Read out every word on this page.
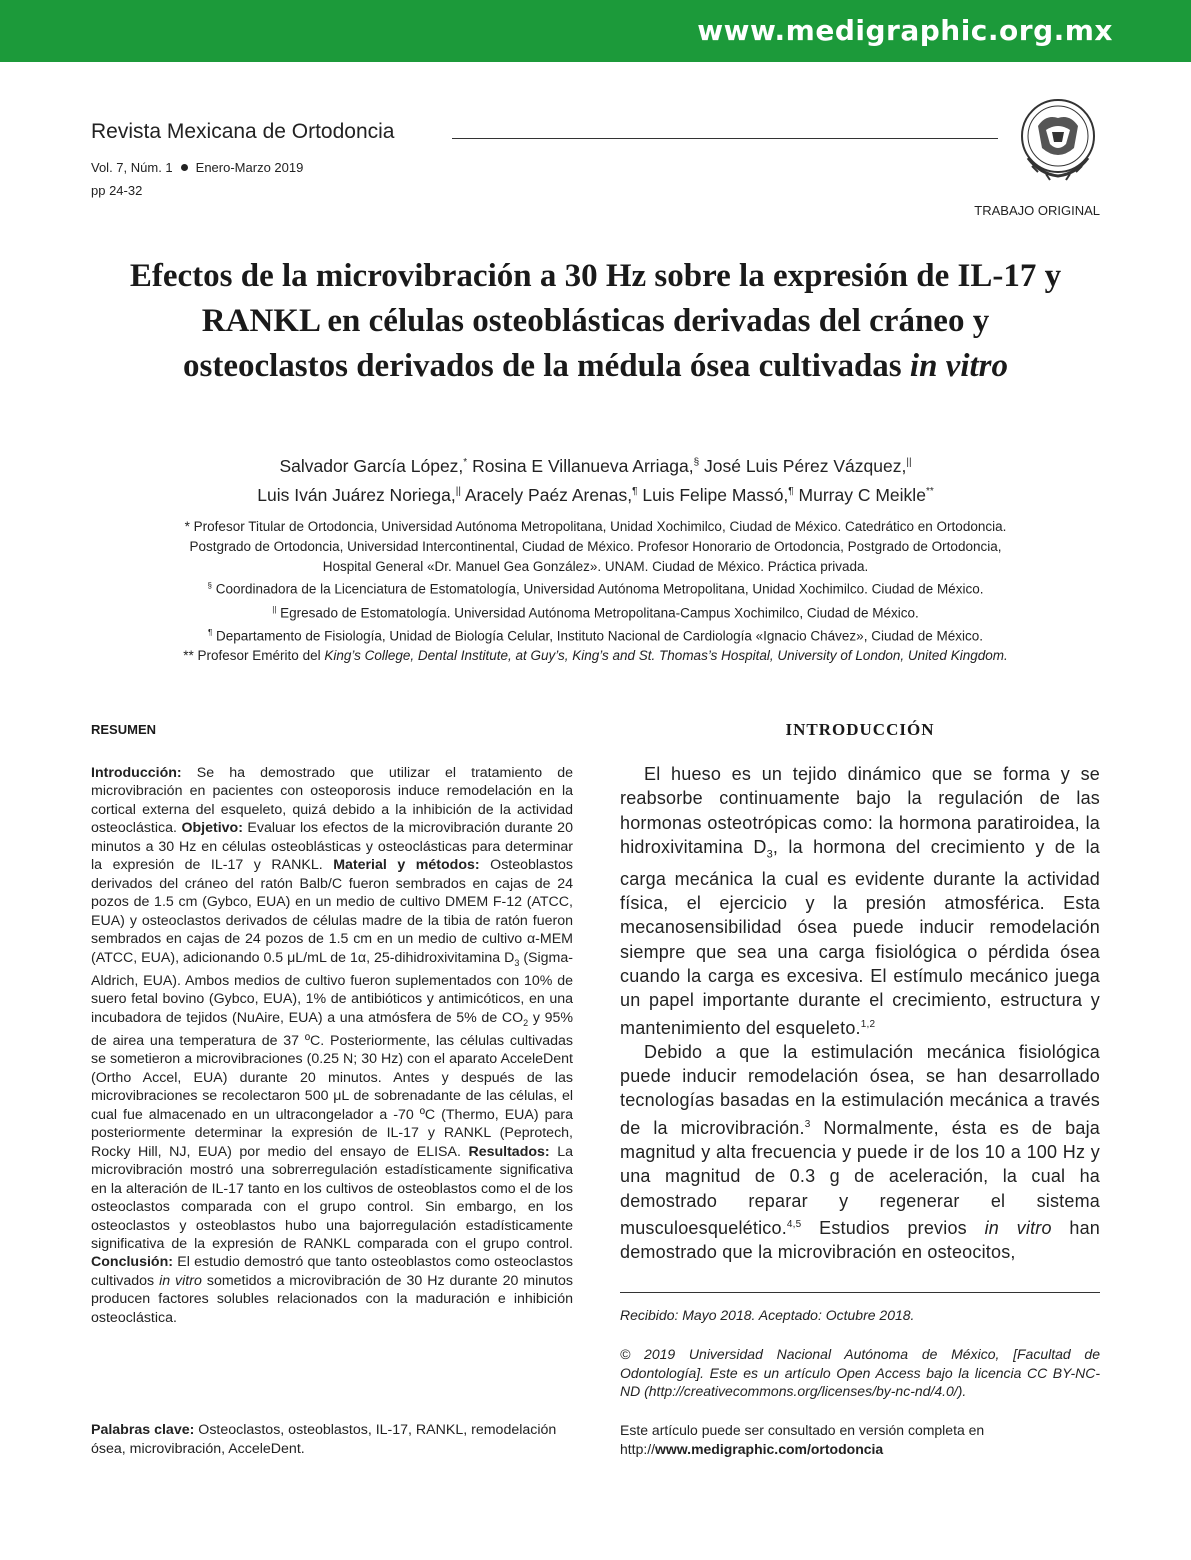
www.medigraphic.org.mx
Revista Mexicana de Ortodoncia
Vol. 7, Núm. 1 Enero-Marzo 2019
pp 24-32
TRABAJO ORIGINAL
Efectos de la microvibración a 30 Hz sobre la expresión de IL-17 y RANKL en células osteoblásticas derivadas del cráneo y osteoclastos derivados de la médula ósea cultivadas in vitro
Salvador García López,* Rosina E Villanueva Arriaga,§ José Luis Pérez Vázquez,||
Luis Iván Juárez Noriega,|| Aracely Paéz Arenas,¶ Luis Felipe Massó,¶ Murray C Meikle**
* Profesor Titular de Ortodoncia, Universidad Autónoma Metropolitana, Unidad Xochimilco, Ciudad de México. Catedrático en Ortodoncia.
Postgrado de Ortodoncia, Universidad Intercontinental, Ciudad de México. Profesor Honorario de Ortodoncia, Postgrado de Ortodoncia,
Hospital General «Dr. Manuel Gea González». UNAM. Ciudad de México. Práctica privada.
§ Coordinadora de la Licenciatura de Estomatología, Universidad Autónoma Metropolitana, Unidad Xochimilco. Ciudad de México.
|| Egresado de Estomatología. Universidad Autónoma Metropolitana-Campus Xochimilco, Ciudad de México.
¶ Departamento de Fisiología, Unidad de Biología Celular, Instituto Nacional de Cardiología «Ignacio Chávez», Ciudad de México.
** Profesor Emérito del King’s College, Dental Institute, at Guy’s, King’s and St. Thomas’s Hospital, University of London, United Kingdom.
RESUMEN
Introducción: Se ha demostrado que utilizar el tratamiento de microvibración en pacientes con osteoporosis induce remodelación en la cortical externa del esqueleto, quizá debido a la inhibición de la actividad osteoclástica. Objetivo: Evaluar los efectos de la microvibración durante 20 minutos a 30 Hz en células osteoblásticas y osteoclásticas para determinar la expresión de IL-17 y RANKL. Material y métodos: Osteoblastos derivados del cráneo del ratón Balb/C fueron sembrados en cajas de 24 pozos de 1.5 cm (Gybco, EUA) en un medio de cultivo DMEM F-12 (ATCC, EUA) y osteoclastos derivados de células madre de la tibia de ratón fueron sembrados en cajas de 24 pozos de 1.5 cm en un medio de cultivo α-MEM (ATCC, EUA), adicionando 0.5 μL/mL de 1α, 25-dihidroxivitamina $D_3$ (Sigma-Aldrich, EUA). Ambos medios de cultivo fueron suplementados con 10% de suero fetal bovino (Gybco, EUA), 1% de antibióticos y antimicóticos, en una incubadora de tejidos (NuAire, EUA) a una atmósfera de 5% de $CO_2$ y 95% de airea una temperatura de 37 ºC. Posteriormente, las células cultivadas se sometieron a microvibraciones (0.25 N; 30 Hz) con el aparato AcceleDent (Ortho Accel, EUA) durante 20 minutos. Antes y después de las microvibraciones se recolectaron 500 μL de sobrenadante de las células, el cual fue almacenado en un ultracongelador a -70 ºC (Thermo, EUA) para posteriormente determinar la expresión de IL-17 y RANKL (Peprotech, Rocky Hill, NJ, EUA) por medio del ensayo de ELISA. Resultados: La microvibración mostró una sobrerregulación estadísticamente significativa en la alteración de IL-17 tanto en los cultivos de osteoblastos como el de los osteoclastos comparada con el grupo control. Sin embargo, en los osteoclastos y osteoblastos hubo una bajorregulación estadísticamente significativa de la expresión de RANKL comparada con el grupo control. Conclusión: El estudio demostró que tanto osteoblastos como osteoclastos cultivados in vitro sometidos a microvibración de 30 Hz durante 20 minutos producen factores solubles relacionados con la maduración e inhibición osteoclástica.
Palabras clave: Osteoclastos, osteoblastos, IL-17, RANKL, remodelación ósea, microvibración, AcceleDent.
INTRODUCCIÓN

El hueso es un tejido dinámico que se forma y se reabsorbe continuamente bajo la regulación de las hormonas osteotrópicas como: la hormona paratiroidea, la hidroxivitamina $D_3$, la hormona del crecimiento y de la carga mecánica la cual es evidente durante la actividad física, el ejercicio y la presión atmosférica. Esta mecanosensibilidad ósea puede inducir remodelación siempre que sea una carga fisiológica o pérdida ósea cuando la carga es excesiva. El estímulo mecánico juega un papel importante durante el crecimiento, estructura y mantenimiento del esqueleto.$^{1,2}$

Debido a que la estimulación mecánica fisiológica puede inducir remodelación ósea, se han desarrollado tecnologías basadas en la estimulación mecánica a través de la microvibración.$^3$ Normalmente, ésta es de baja magnitud y alta frecuencia y puede ir de los 10 a 100 Hz y una magnitud de 0.3 g de aceleración, la cual ha demostrado reparar y regenerar el sistema musculoesquelético.$^{4,5}$ Estudios previos in vitro han demostrado que la microvibración en osteocitos,

Recibido: Mayo 2018. Aceptado: Octubre 2018.
© 2019 Universidad Nacional Autónoma de México, [Facultad de Odontología]. Este es un artículo Open Access bajo la licencia CC BY-NC-ND (http://creativecommons.org/licenses/by-nc-nd/4.0/).
Este artículo puede ser consultado en versión completa en
http://www.medigraphic.com/ortodoncia
